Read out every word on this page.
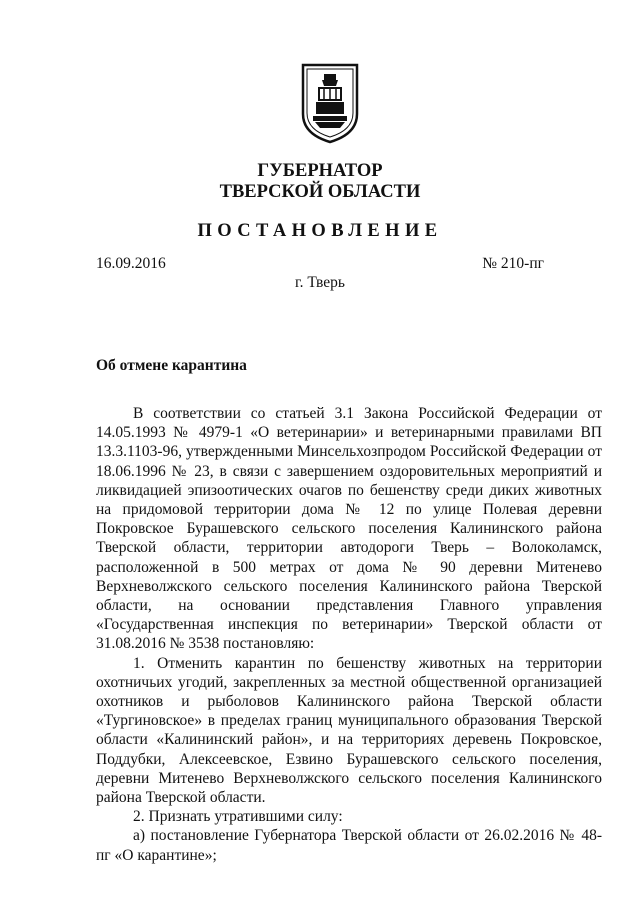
ГУБЕРНАТОР
ТВЕРСКОЙ ОБЛАСТИ
ПОСТАНОВЛЕНИЕ
16.09.2016	№ 210-пг
г. Тверь
Об отмене карантина

В соответствии со статьей 3.1 Закона Российской Федерации от 14.05.1993 № 4979-1 «О ветеринарии» и ветеринарными правилами ВП 13.3.1103-96, утвержденными Минсельхозпродом Российской Федерации от 18.06.1996 № 23, в связи с завершением оздоровительных мероприятий и ликвидацией эпизоотических очагов по бешенству среди диких животных на придомовой территории дома № 12 по улице Полевая деревни Покровское Бурашевского сельского поселения Калининского района Тверской области, территории автодороги Тверь – Волоколамск, расположенной в 500 метрах от дома № 90 деревни Митенево Верхневолжского сельского поселения Калининского района Тверской области, на основании представления Главного управления «Государственная инспекция по ветеринарии» Тверской области от 31.08.2016 № 3538 постановляю:

1. Отменить карантин по бешенству животных на территории охотничьих угодий, закрепленных за местной общественной организацией охотников и рыболовов Калининского района Тверской области «Тургиновское» в пределах границ муниципального образования Тверской области «Калининский район», и на территориях деревень Покровское, Поддубки, Алексеевское, Езвино Бурашевского сельского поселения, деревни Митенево Верхневолжского сельского поселения Калининского района Тверской области.

2. Признать утратившими силу:

а) постановление Губернатора Тверской области от 26.02.2016 № 48-пг «О карантине»;
